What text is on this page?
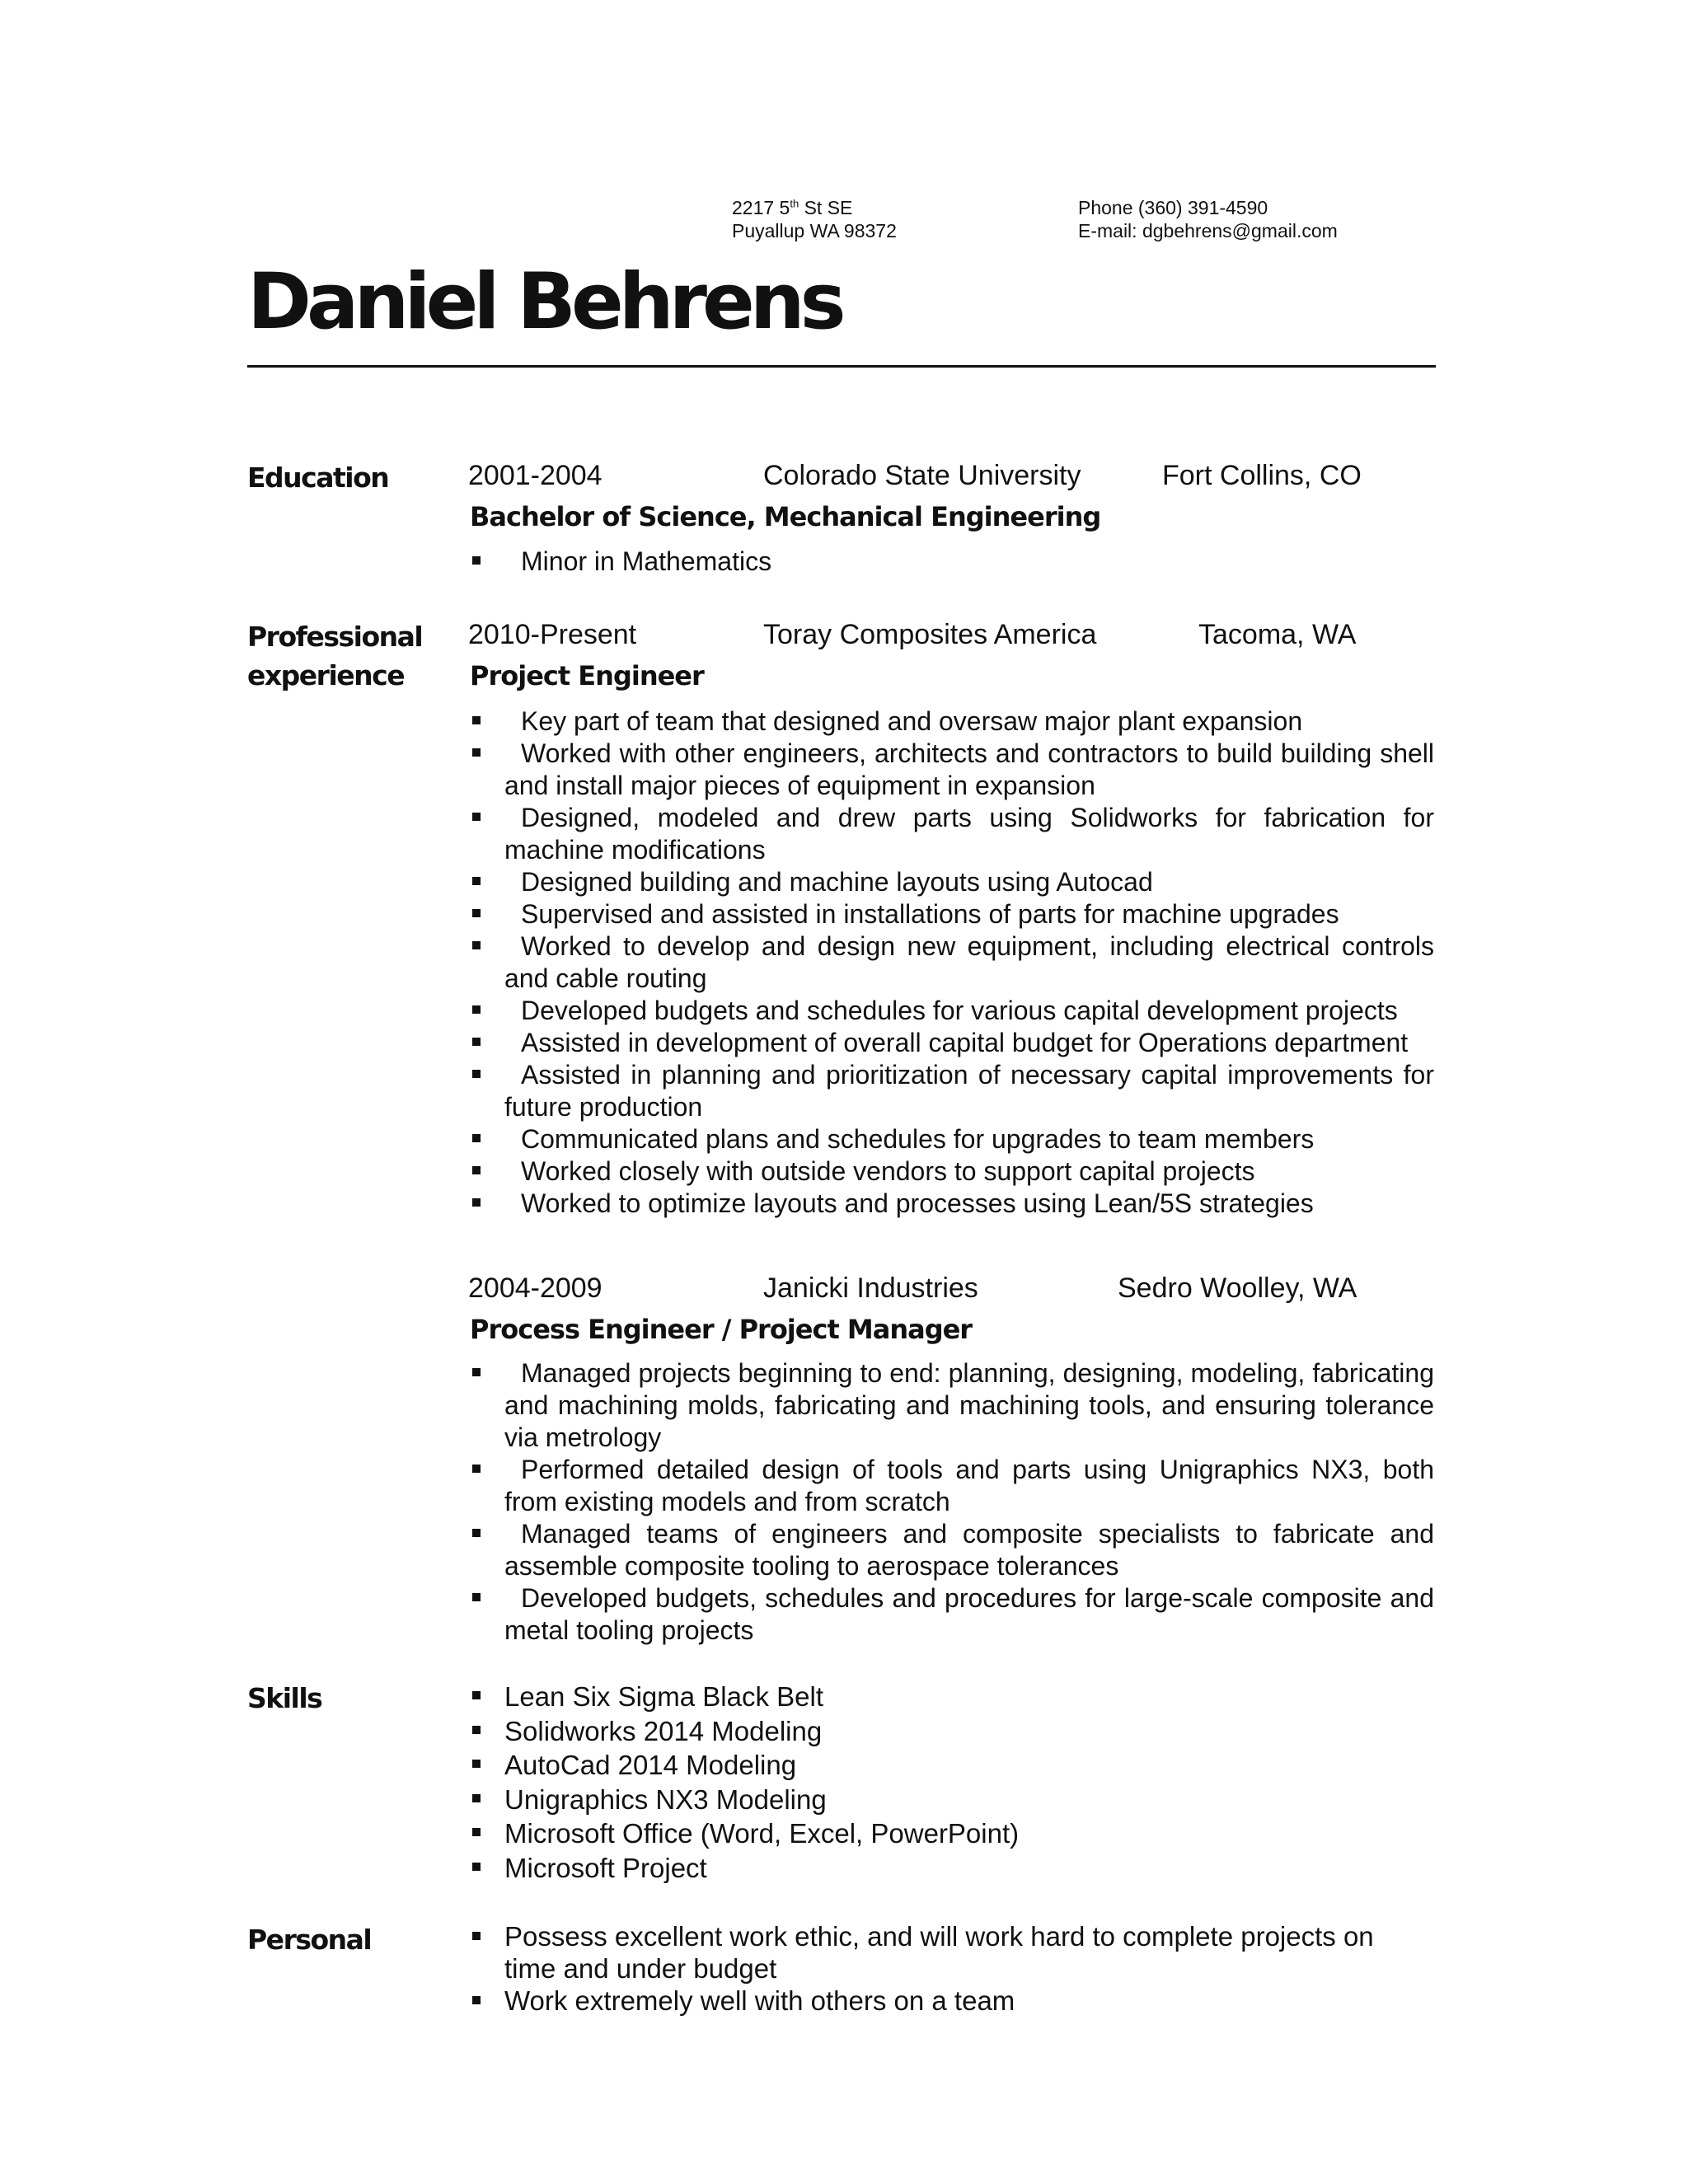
2217 5th St SE
Puyallup WA 98372
Phone (360) 391-4590
E-mail: dgbehrens@gmail.com
Daniel Behrens
Education	2001-2004	Colorado State University	Fort Collins, CO
Bachelor of Science, Mechanical Engineering
Minor in Mathematics
Professional
experience
2010-Present	Toray Composites America	Tacoma, WA
Project Engineer
Key part of team that designed and oversaw major plant expansion
Worked with other engineers, architects and contractors to build building shell and install major pieces of equipment in expansion
Designed, modeled and drew parts using Solidworks for fabrication for machine modifications
Designed building and machine layouts using Autocad
Supervised and assisted in installations of parts for machine upgrades
Worked to develop and design new equipment, including electrical controls and cable routing
Developed budgets and schedules for various capital development projects
Assisted in development of overall capital budget for Operations department
Assisted in planning and prioritization of necessary capital improvements for future production
Communicated plans and schedules for upgrades to team members
Worked closely with outside vendors to support capital projects
Worked to optimize layouts and processes using Lean/5S strategies
2004-2009	Janicki Industries	Sedro Woolley, WA
Process Engineer / Project Manager
Managed projects beginning to end: planning, designing, modeling, fabricating and machining molds, fabricating and machining tools, and ensuring tolerance via metrology
Performed detailed design of tools and parts using Unigraphics NX3, both from existing models and from scratch
Managed teams of engineers and composite specialists to fabricate and assemble composite tooling to aerospace tolerances
Developed budgets, schedules and procedures for large-scale composite and metal tooling projects
Skills	Lean Six Sigma Black Belt
Solidworks 2014 Modeling
AutoCad 2014 Modeling
Unigraphics NX3 Modeling
Microsoft Office (Word, Excel, PowerPoint)
Microsoft Project
Personal	Possess excellent work ethic, and will work hard to complete projects on time and under budget
Work extremely well with others on a team
